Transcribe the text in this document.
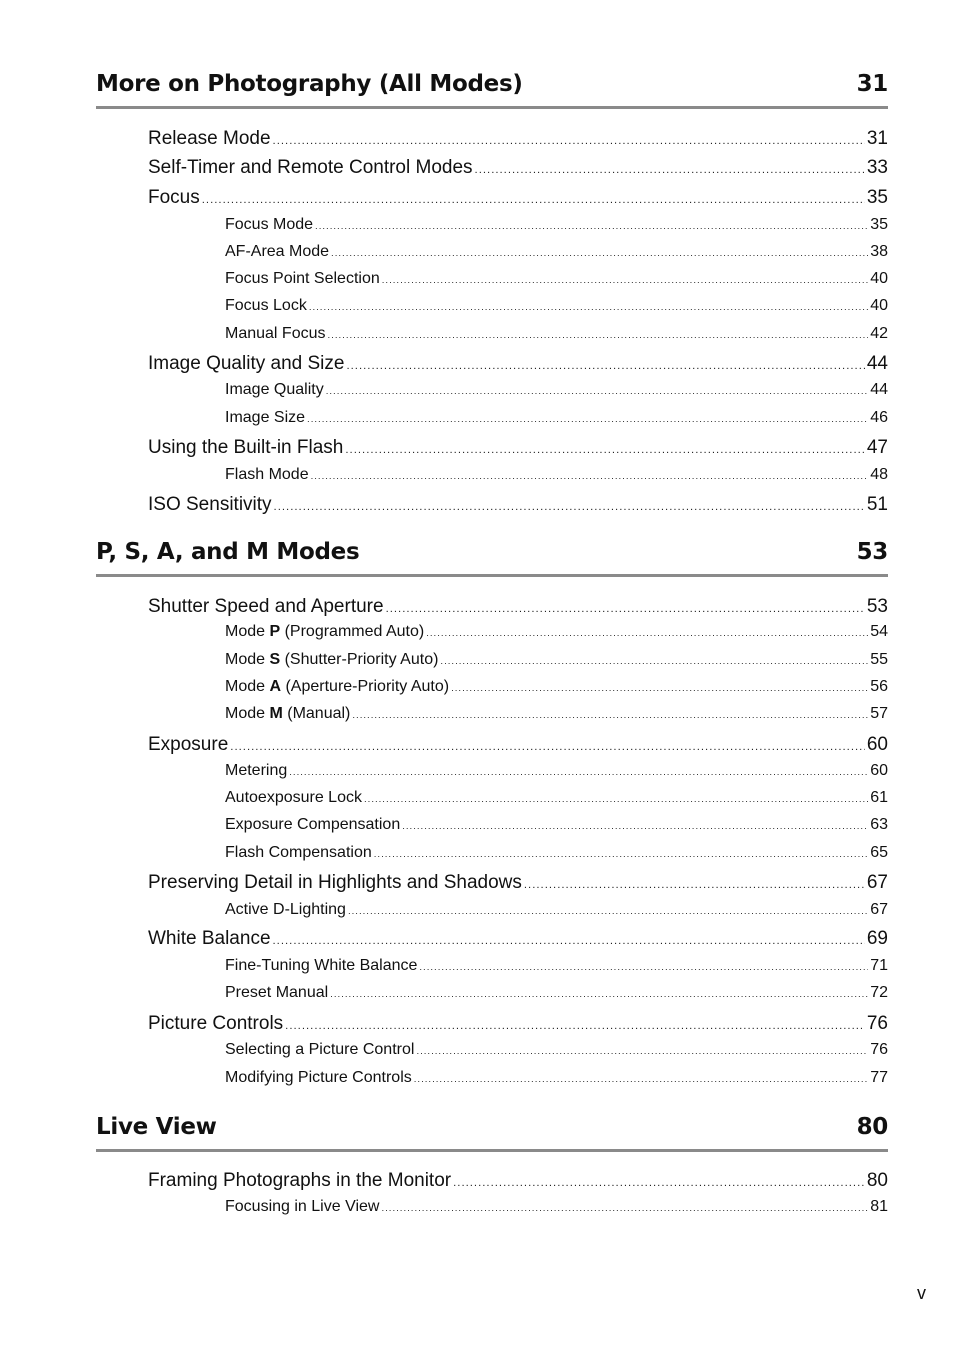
More on Photography (All Modes)	31
Release Mode .....	31
Self-Timer and Remote Control Modes .....	33
Focus .....	35
Focus Mode .....	35
AF-Area Mode .....	38
Focus Point Selection .....	40
Focus Lock .....	40
Manual Focus .....	42
Image Quality and Size .....	44
Image Quality .....	44
Image Size .....	46
Using the Built-in Flash .....	47
Flash Mode .....	48
ISO Sensitivity .....	51
P, S, A, and M Modes	53
Shutter Speed and Aperture .....	53
Mode P (Programmed Auto) .....	54
Mode S (Shutter-Priority Auto) .....	55
Mode A (Aperture-Priority Auto) .....	56
Mode M (Manual) .....	57
Exposure .....	60
Metering .....	60
Autoexposure Lock .....	61
Exposure Compensation .....	63
Flash Compensation .....	65
Preserving Detail in Highlights and Shadows .....	67
Active D-Lighting .....	67
White Balance .....	69
Fine-Tuning White Balance .....	71
Preset Manual .....	72
Picture Controls .....	76
Selecting a Picture Control .....	76
Modifying Picture Controls .....	77
Live View	80
Framing Photographs in the Monitor .....	80
Focusing in Live View .....	81
v
